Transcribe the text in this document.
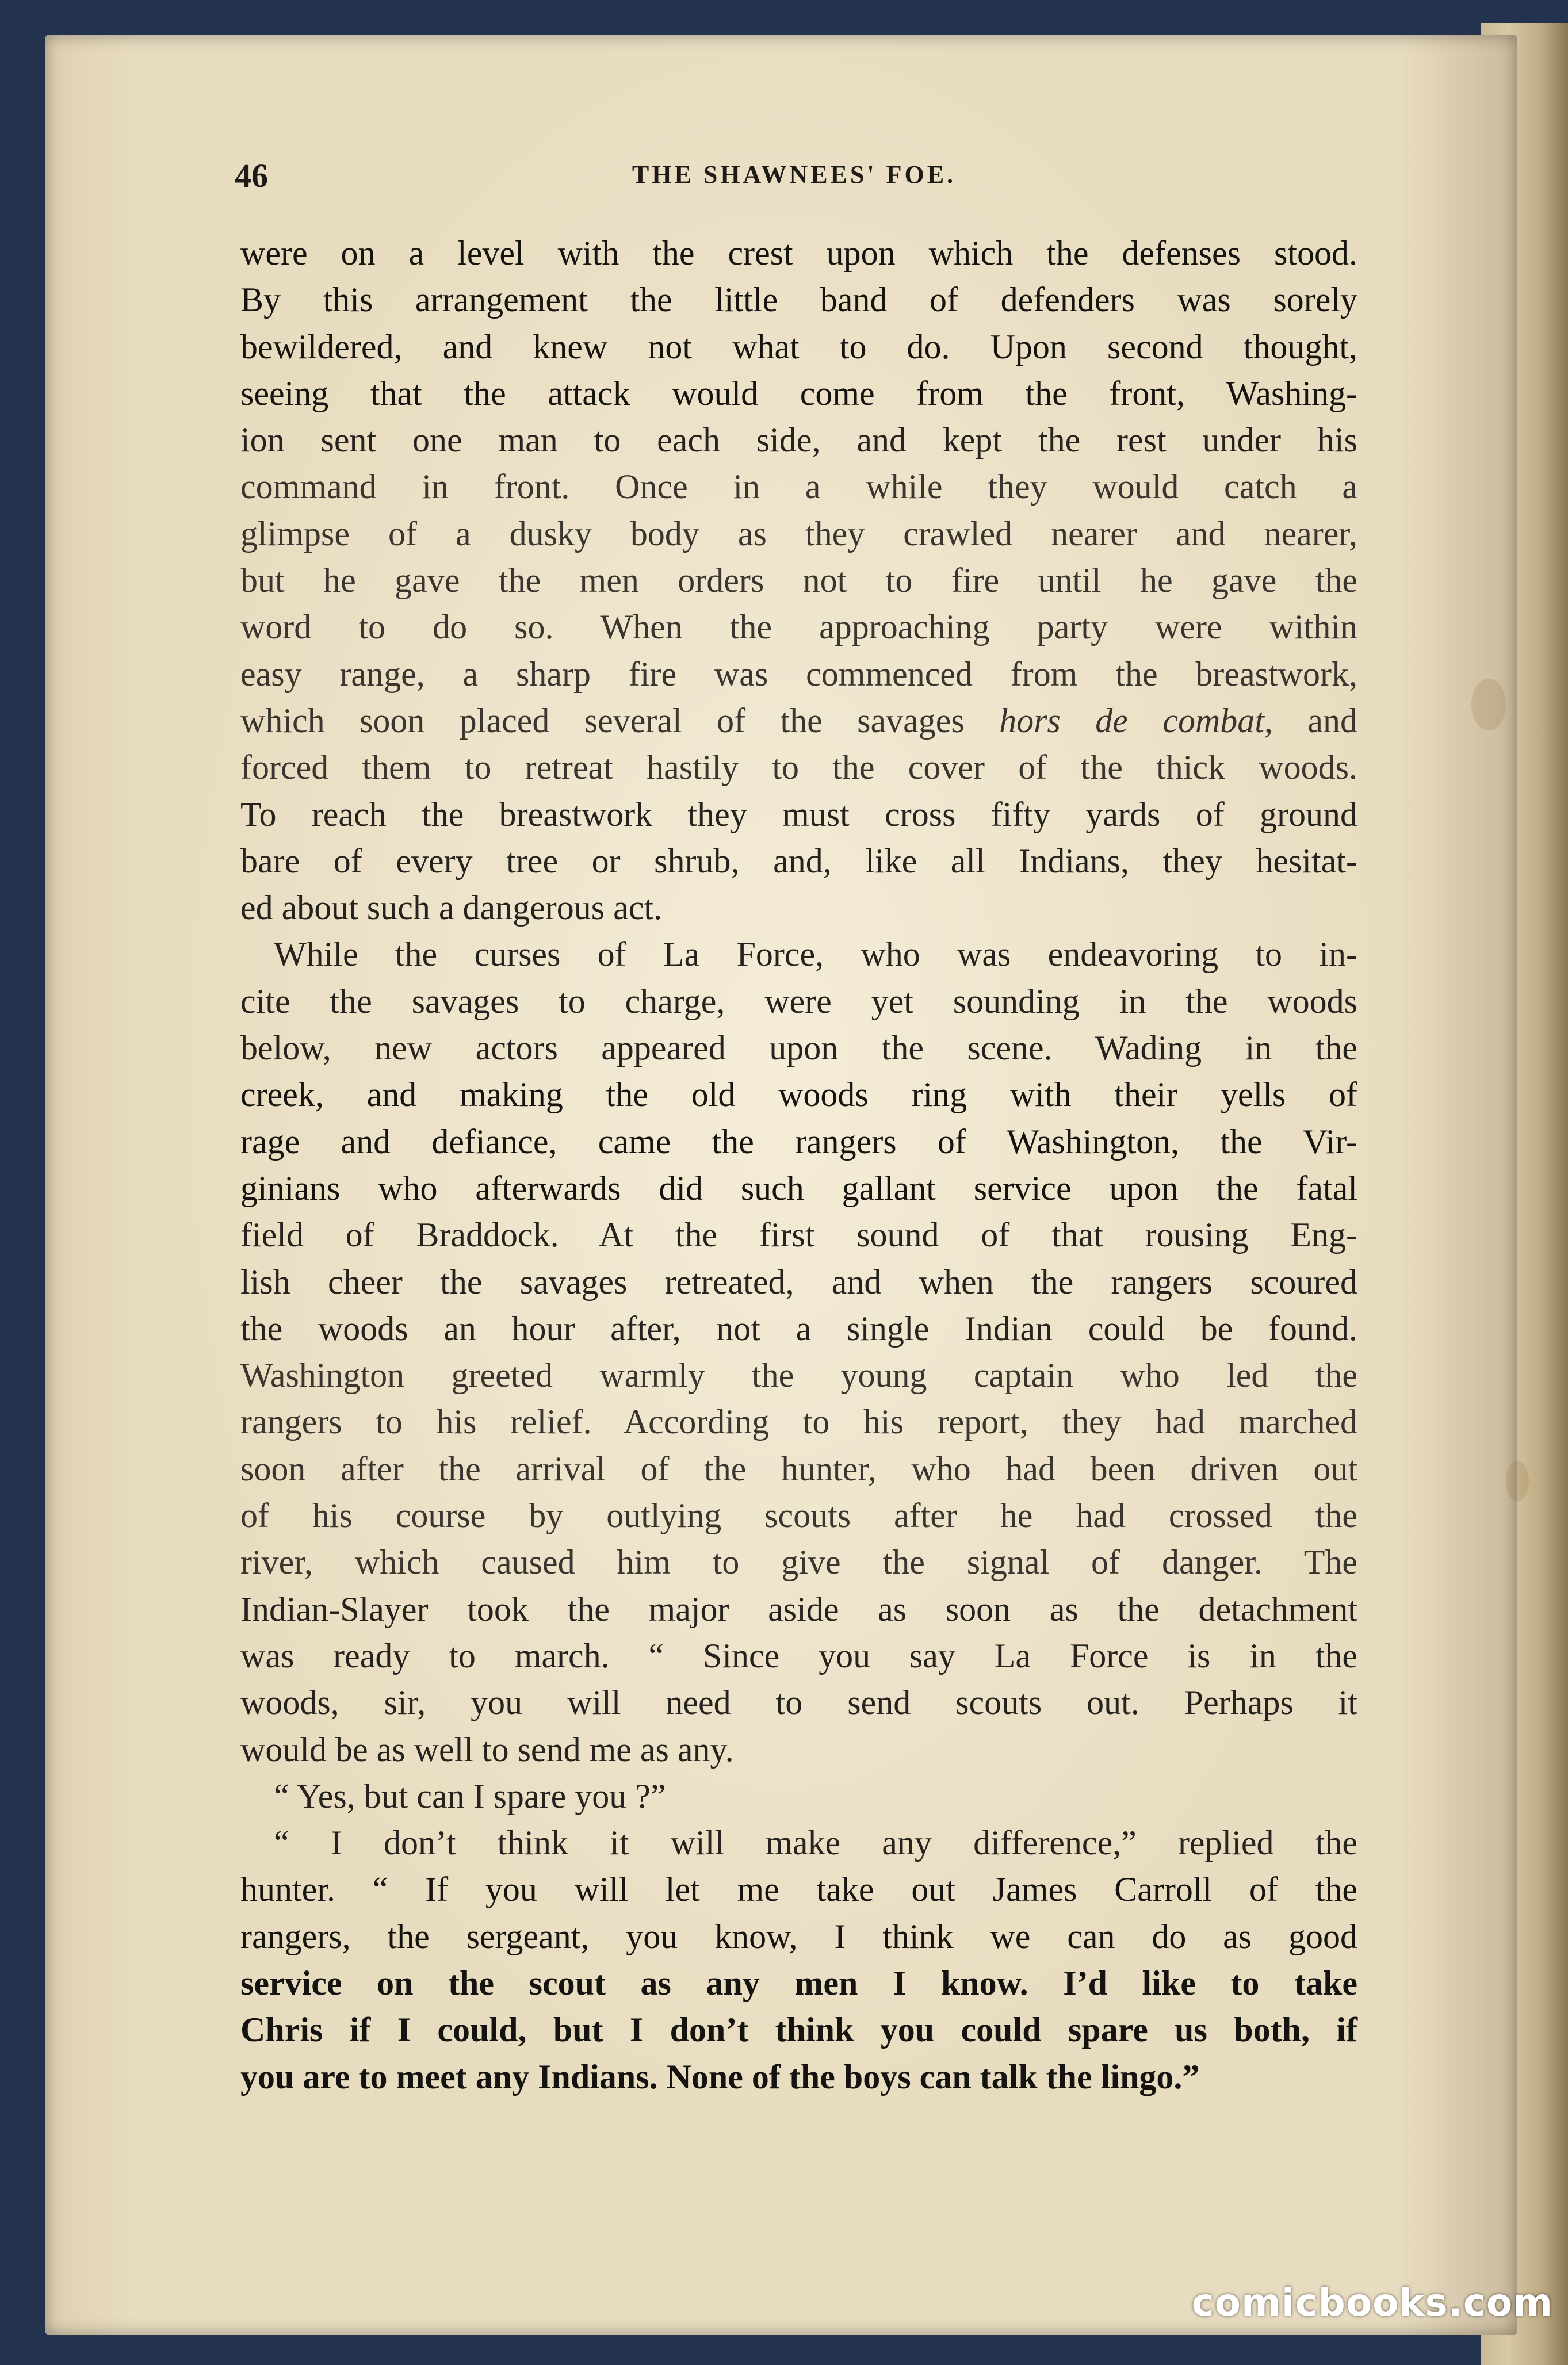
46	THE SHAWNEES' FOE.
were on a level with the crest upon which the defenses stood.
By this arrangement the little band of defenders was sorely
bewildered, and knew not what to do. Upon second thought,
seeing that the attack would come from the front, Washing-
ion sent one man to each side, and kept the rest under his
command in front. Once in a while they would catch a
glimpse of a dusky body as they crawled nearer and nearer,
but he gave the men orders not to fire until he gave the
word to do so. When the approaching party were within
easy range, a sharp fire was commenced from the breastwork,
which soon placed several of the savages hors de combat, and
forced them to retreat hastily to the cover of the thick woods.
To reach the breastwork they must cross fifty yards of ground
bare of every tree or shrub, and, like all Indians, they hesitat-
ed about such a dangerous act.
While the curses of La Force, who was endeavoring to in-
cite the savages to charge, were yet sounding in the woods
below, new actors appeared upon the scene. Wading in the
creek, and making the old woods ring with their yells of
rage and defiance, came the rangers of Washington, the Vir-
ginians who afterwards did such gallant service upon the fatal
field of Braddock. At the first sound of that rousing Eng-
lish cheer the savages retreated, and when the rangers scoured
the woods an hour after, not a single Indian could be found.
Washington greeted warmly the young captain who led the
rangers to his relief. According to his report, they had marched
soon after the arrival of the hunter, who had been driven out
of his course by outlying scouts after he had crossed the
river, which caused him to give the signal of danger. The
Indian-Slayer took the major aside as soon as the detachment
was ready to march. “ Since you say La Force is in the
woods, sir, you will need to send scouts out. Perhaps it
would be as well to send me as any.
“ Yes, but can I spare you ?”
“ I don’t think it will make any difference,” replied the
hunter. “ If you will let me take out James Carroll of the
rangers, the sergeant, you know, I think we can do as good
service on the scout as any men I know. I’d like to take
Chris if I could, but I don’t think you could spare us both, if
you are to meet any Indians. None of the boys can talk the lingo.”
comicbooks.com
